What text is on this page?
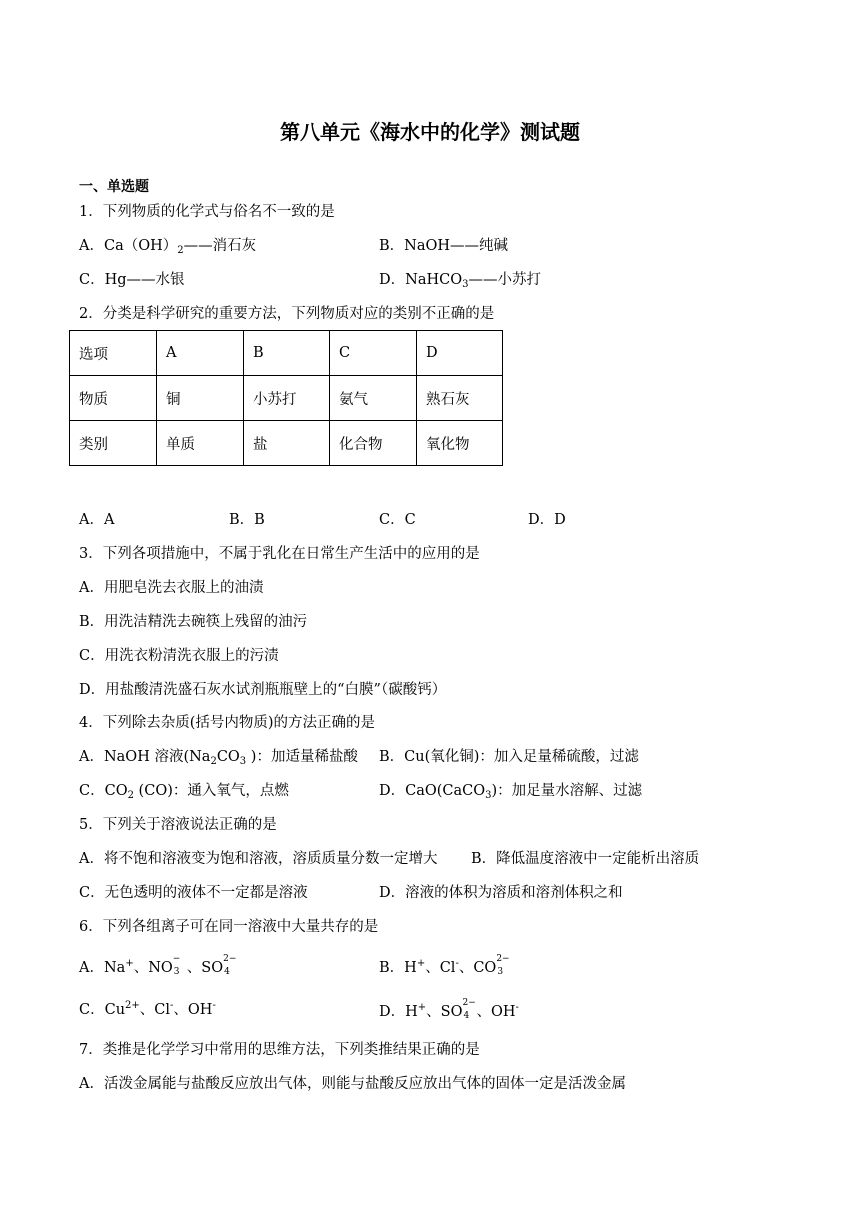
第八单元《海水中的化学》测试题
一、单选题
1．下列物质的化学式与俗名不一致的是
A．$Ca(OH)_2——$消石灰	B．NaOH——纯碱
C．Hg——水银	D．NaHCO$_3$——小苏打
2．分类是科学研究的重要方法，下列物质对应的类别不正确的是
选项	A	B	C	D
物质	铜	小苏打	氨气	熟石灰
类别	单质	盐	化合物	氧化物
A．A	B．B	C．C	D．D
3．下列各项措施中，不属于乳化在日常生产生活中的应用的是
A．用肥皂洗去衣服上的油渍
B．用洗洁精洗去碗筷上残留的油污
C．用洗衣粉清洗衣服上的污渍
D．用盐酸清洗盛石灰水试剂瓶瓶壁上的“白膜”（碳酸钙）
4．下列除去杂质(括号内物质)的方法正确的是
A．NaOH 溶液($Na_2CO_3$ )：加适量稀盐酸 B．Cu(氧化铜)：加入足量稀硫酸，过滤
C．$CO_2$ (CO)：通入氧气，点燃	D．CaO(CaCO$_3$)：加足量水溶解、过滤
5．下列关于溶液说法正确的是
A．将不饱和溶液变为饱和溶液，溶质质量分数一定增大 B．降低温度溶液中一定能析出溶质
C．无色透明的液体不一定都是溶液	D．溶液的体积为溶质和溶剂体积之和
6．下列各组离子可在同一溶液中大量共存的是
A．Na+、NO
−
3 、SO
2−
4	B．H+、Cl-、CO
2−
3
C．$Cu^{2+}$、Cl-、OH-	D．H+、SO
2−
4 、OH-
7．类推是化学学习中常用的思维方法，下列类推结果正确的是
A．活泼金属能与盐酸反应放出气体，则能与盐酸反应放出气体的固体一定是活泼金属
